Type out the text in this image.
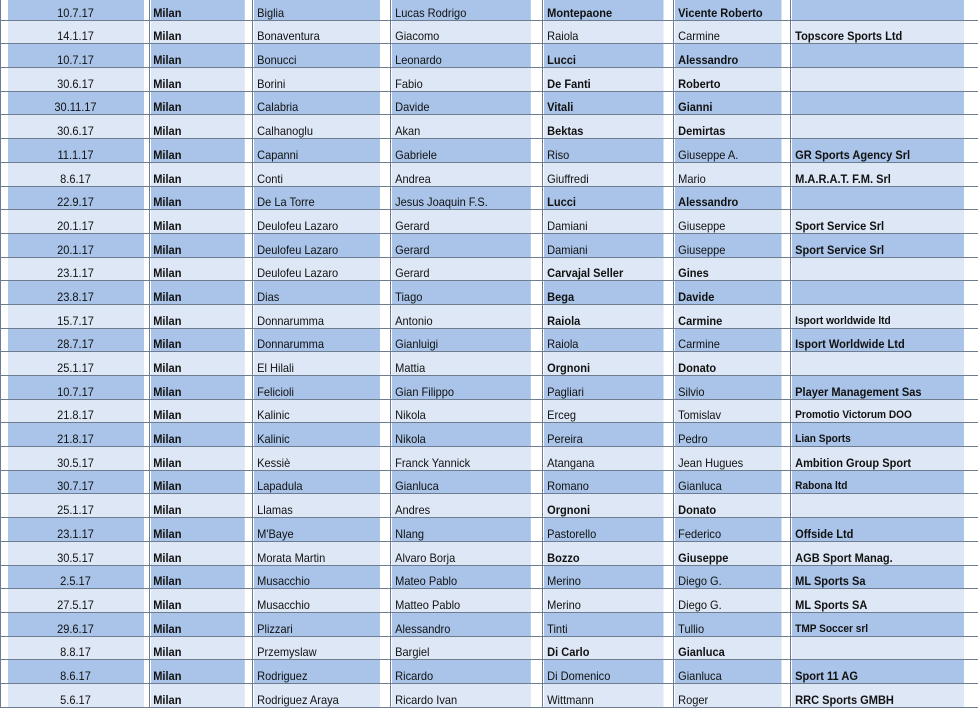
10.7.17	Milan	Biglia	Lucas Rodrigo	Montepaone	Vicente Roberto	
14.1.17	Milan	Bonaventura	Giacomo	Raiola	Carmine	Topscore Sports Ltd
10.7.17	Milan	Bonucci	Leonardo	Lucci	Alessandro	
30.6.17	Milan	Borini	Fabio	De Fanti	Roberto	
30.11.17	Milan	Calabria	Davide	Vitali	Gianni	
30.6.17	Milan	Calhanoglu	Akan	Bektas	Demirtas	
11.1.17	Milan	Capanni	Gabriele	Riso	Giuseppe A.	GR Sports Agency Srl
8.6.17	Milan	Conti	Andrea	Giuffredi	Mario	M.A.R.A.T. F.M. Srl
22.9.17	Milan	De La Torre	Jesus Joaquin F.S.	Lucci	Alessandro	
20.1.17	Milan	Deulofeu Lazaro	Gerard	Damiani	Giuseppe	Sport Service Srl
20.1.17	Milan	Deulofeu Lazaro	Gerard	Damiani	Giuseppe	Sport Service Srl
23.1.17	Milan	Deulofeu Lazaro	Gerard	Carvajal Seller	Gines	
23.8.17	Milan	Dias	Tiago	Bega	Davide	
15.7.17	Milan	Donnarumma	Antonio	Raiola	Carmine	Isport worldwide ltd
28.7.17	Milan	Donnarumma	Gianluigi	Raiola	Carmine	Isport Worldwide Ltd
25.1.17	Milan	El Hilali	Mattia	Orgnoni	Donato	
10.7.17	Milan	Felicioli	Gian Filippo	Pagliari	Silvio	Player Management Sas
21.8.17	Milan	Kalinic	Nikola	Erceg	Tomislav	Promotio Victorum DOO
21.8.17	Milan	Kalinic	Nikola	Pereira	Pedro	Lian Sports
30.5.17	Milan	Kessiè	Franck Yannick	Atangana	Jean Hugues	Ambition Group Sport
30.7.17	Milan	Lapadula	Gianluca	Romano	Gianluca	Rabona ltd
25.1.17	Milan	Llamas	Andres	Orgnoni	Donato	
23.1.17	Milan	M'Baye	Nlang	Pastorello	Federico	Offside Ltd
30.5.17	Milan	Morata Martin	Alvaro Borja	Bozzo	Giuseppe	AGB Sport Manag.
2.5.17	Milan	Musacchio	Mateo Pablo	Merino	Diego G.	ML Sports Sa
27.5.17	Milan	Musacchio	Matteo Pablo	Merino	Diego G.	ML Sports SA
29.6.17	Milan	Plizzari	Alessandro	Tinti	Tullio	TMP Soccer srl
8.8.17	Milan	Przemyslaw	Bargiel	Di Carlo	Gianluca	
8.6.17	Milan	Rodriguez	Ricardo	Di Domenico	Gianluca	Sport 11 AG
5.6.17	Milan	Rodriguez Araya	Ricardo Ivan	Wittmann	Roger	RRC Sports GMBH
